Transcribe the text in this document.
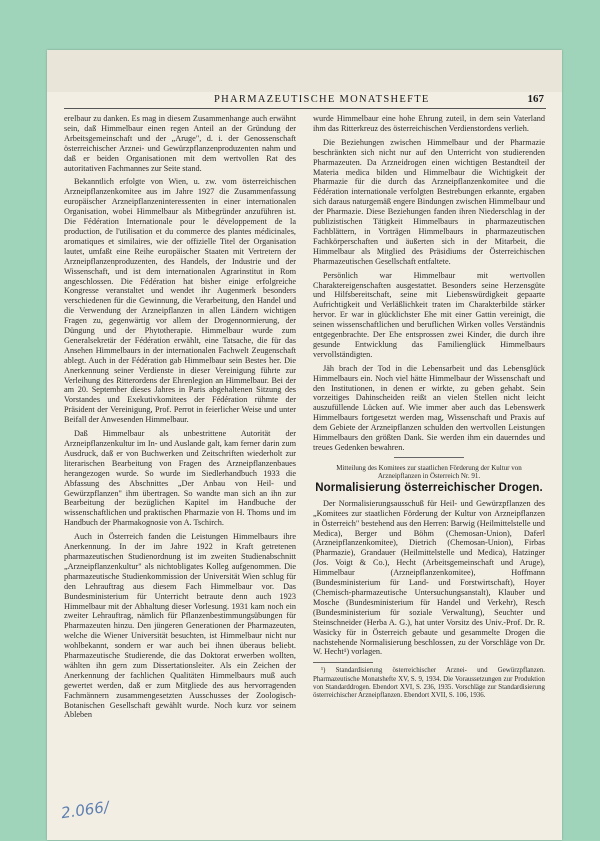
PHARMAZEUTISCHE MONATSHEFTE	167

erelbaur zu danken. Es mag in diesem Zusammenhange auch erwähnt sein, daß Himmelbaur einen regen Anteil an der Gründung der Arbeitsgemeinschaft und der „Aruge", d. i. der Genossenschaft österreichischer Arznei- und Gewürzpflanzenproduzenten nahm und daß er beiden Organisationen mit dem wertvollen Rat des autoritativen Fachmannes zur Seite stand.

Bekanntlich erfolgte von Wien, u. zw. vom österreichischen Arzneipflanzenkomitee aus im Jahre 1927 die Zusammenfassung europäischer Arzneipflanzeninteressenten in einer internationalen Organisation, wobei Himmelbaur als Mitbegründer anzuführen ist. Die Fédération Internationale pour le développement de la production, de l'utilisation et du commerce des plantes médicinales, aromatiques et similaires, wie der offizielle Titel der Organisation lautet, umfaßt eine Reihe europäischer Staaten mit Vertretern der Arzneipflanzenproduzenten, des Handels, der Industrie und der Wissenschaft, und ist dem internationalen Agrarinstitut in Rom angeschlossen. Die Fédération hat bisher einige erfolgreiche Kongresse veranstaltet und wendet ihr Augenmerk besonders verschiedenen für die Gewinnung, die Verarbeitung, den Handel und die Verwendung der Arzneipflanzen in allen Ländern wichtigen Fragen zu, gegenwärtig vor allem der Drogennormierung, der Düngung und der Phytotherapie. Himmelbaur wurde zum Generalsekretär der Fédération erwählt, eine Tatsache, die für das Ansehen Himmelbaurs in der internationalen Fachwelt Zeugenschaft ablegt. Auch in der Fédération gab Himmelbaur sein Bestes her. Die Anerkennung seiner Verdienste in dieser Vereinigung führte zur Verleihung des Ritterordens der Ehrenlegion an Himmelbaur. Bei der am 20. September dieses Jahres in Paris abgehaltenen Sitzung des Vorstandes und Exekutivkomitees der Fédération rühmte der Präsident der Vereinigung, Prof. Perrot in feierlicher Weise und unter Beifall der Anwesenden Himmelbaur.

Daß Himmelbaur als unbestrittene Autorität der Arzneipflanzenkultur im In- und Auslande galt, kam ferner darin zum Ausdruck, daß er von Buchwerken und Zeitschriften wiederholt zur literarischen Bearbeitung von Fragen des Arzneipflanzenbaues herangezogen wurde. So wurde im Siedlerhandbuch 1933 die Abfassung des Abschnittes „Der Anbau von Heil- und Gewürzpflanzen" ihm übertragen. So wandte man sich an ihn zur Bearbeitung der bezüglichen Kapitel im Handbuche der wissenschaftlichen und praktischen Pharmazie von H. Thoms und im Handbuch der Pharmakognosie von A. Tschirch.

Auch in Österreich fanden die Leistungen Himmelbaurs ihre Anerkennung. In der im Jahre 1922 in Kraft getretenen pharmazeutischen Studienordnung ist im zweiten Studienabschnitt „Arzneipflanzenkultur" als nichtobligates Kolleg aufgenommen. Die pharmazeutische Studienkommission der Universität Wien schlug für den Lehrauftrag aus diesem Fach Himmelbaur vor. Das Bundesministerium für Unterricht betraute denn auch 1923 Himmelbaur mit der Abhaltung dieser Vorlesung. 1931 kam noch ein zweiter Lehrauftrag, nämlich für Pflanzenbestimmungsübungen für Pharmazeuten hinzu. Den jüngeren Generationen der Pharmazeuten, welche die Wiener Universität besuchten, ist Himmelbaur nicht nur wohlbekannt, sondern er war auch bei ihnen überaus beliebt. Pharmazeutische Studierende, die das Doktorat erwerben wollten, wählten ihn gern zum Dissertationsleiter. Als ein Zeichen der Anerkennung der fachlichen Qualitäten Himmelbaurs muß auch gewertet werden, daß er zum Mitgliede des aus hervorragenden Fachmännern zusammengesetzten Ausschusses der Zoologisch-Botanischen Gesellschaft gewählt wurde. Noch kurz vor seinem Ableben

wurde Himmelbaur eine hohe Ehrung zuteil, in dem sein Vaterland ihm das Ritterkreuz des österreichischen Verdienstordens verlieh.

Die Beziehungen zwischen Himmelbaur und der Pharmazie beschränkten sich nicht nur auf den Unterricht von studierenden Pharmazeuten. Da Arzneidrogen einen wichtigen Bestandteil der Materia medica bilden und Himmelbaur die Wichtigkeit der Pharmazie für die durch das Arzneipflanzenkomitee und die Fédération internationale verfolgten Bestrebungen erkannte, ergaben sich daraus naturgemäß engere Bindungen zwischen Himmelbaur und der Pharmazie. Diese Beziehungen fanden ihren Niederschlag in der publizistischen Tätigkeit Himmelbaurs in pharmazeutischen Fachblättern, in Vorträgen Himmelbaurs in pharmazeutischen Fachkörperschaften und äußerten sich in der Mitarbeit, die Himmelbaur als Mitglied des Präsidiums der Österreichischen Pharmazeutischen Gesellschaft entfaltete.

Persönlich war Himmelbaur mit wertvollen Charaktereigenschaften ausgestattet. Besonders seine Herzensgüte und Hilfsbereitschaft, seine mit Liebenswürdigkeit gepaarte Aufrichtigkeit und Verläßlichkeit traten im Charakterbilde stärker hervor. Er war in glücklichster Ehe mit einer Gattin vereinigt, die seinen wissenschaftlichen und beruflichen Wirken volles Verständnis entgegenbrachte. Der Ehe entsprossen zwei Kinder, die durch ihre gesunde Entwicklung das Familienglück Himmelbaurs vervollständigten.

Jäh brach der Tod in die Lebensarbeit und das Lebensglück Himmelbaurs ein. Noch viel hätte Himmelbaur der Wissenschaft und den Institutionen, in denen er wirkte, zu geben gehabt. Sein vorzeitiges Dahinscheiden reißt an vielen Stellen nicht leicht auszufüllende Lücken auf. Wie immer aber auch das Lebenswerk Himmelbaurs fortgesetzt werden mag, Wissenschaft und Praxis auf dem Gebiete der Arzneipflanzen schulden den wertvollen Leistungen Himmelbaurs den größten Dank. Sie werden ihm ein dauerndes und treues Gedenken bewahren.

Mitteilung des Komitees zur staatlichen Förderung der Kultur von Arzneipflanzen in Österreich Nr. 91.
Normalisierung österreichischer Drogen.

Der Normalisierungsausschuß für Heil- und Gewürzpflanzen des „Komitees zur staatlichen Förderung der Kultur von Arzneipflanzen in Österreich" bestehend aus den Herren: Barwig (Heilmittelstelle und Medica), Berger und Böhm (Chemosan-Union), Daferl (Arzneipflanzenkomitee), Dietrich (Chemosan-Union), Firbas (Pharmazie), Grandauer (Heilmittelstelle und Medica), Hatzinger (Jos. Voigt & Co.), Hecht (Arbeitsgemeinschaft und Aruge), Himmelbaur (Arzneipflanzenkomitee), Hoffmann (Bundesministerium für Land- und Forstwirtschaft), Hoyer (Chemisch-pharmazeutische Untersuchungsanstalt), Klauber und Mosche (Bundesministerium für Handel und Verkehr), Resch (Bundesministerium für soziale Verwaltung), Seuchter und Steinschneider (Herba A. G.), hat unter Vorsitz des Univ.-Prof. Dr. R. Wasicky für in Österreich gebaute und gesammelte Drogen die nachstehende Normalisierung beschlossen, zu der Vorschläge von Dr. W. Hecht¹) vorlagen.

¹) Standardisierung österreichischer Arznei- und Gewürzpflanzen. Pharmazeutische Monatshefte XV, S. 9, 1934. Die Voraussetzungen zur Produktion von Standarddrogen. Ebendort XVI, S. 236, 1935. Vorschläge zur Standardisierung österreichischer Arzneipflanzen. Ebendort XVII, S. 106, 1936.
2.066/
